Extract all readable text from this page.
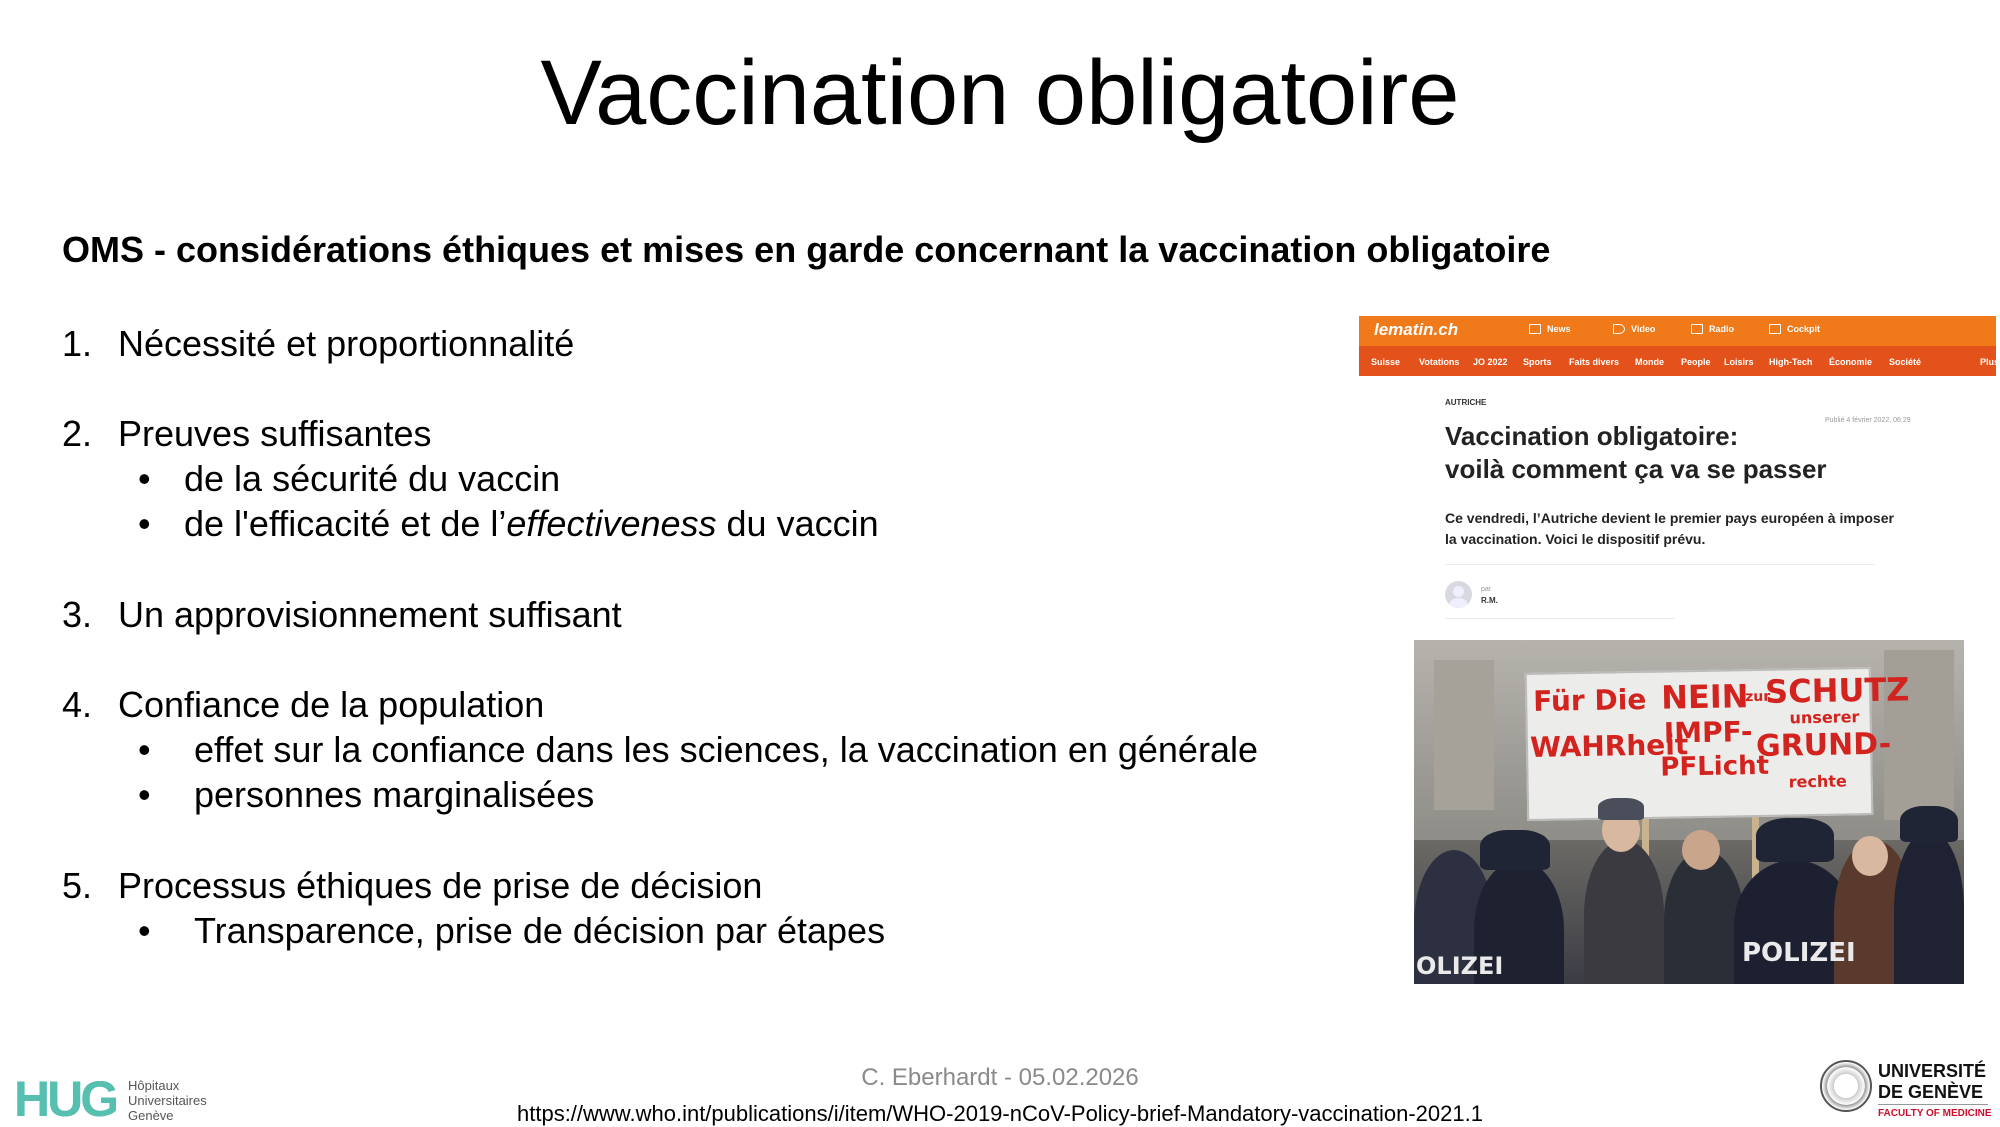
Vaccination obligatoire
OMS - considérations éthiques et mises en garde concernant la vaccination obligatoire
1. Nécessité et proportionnalité
2. Preuves suffisantes
• de la sécurité du vaccin
• de l'efficacité et de l’effectiveness du vaccin
3. Un approvisionnement suffisant
4. Confiance de la population
• effet sur la confiance dans les sciences, la vaccination en générale
• personnes marginalisées
5. Processus éthiques de prise de décision
• Transparence, prise de décision par étapes
lematin.ch	News	Video	Radio	Cockpit
Suisse Votations JO 2022 Sports Faits divers Monde People Loisirs High-Tech Économie Société	Plus
AUTRICHE
Publié 4 février 2022, 06:29
Vaccination obligatoire:
voilà comment ça va se passer
Ce vendredi, l’Autriche devient le premier pays européen à imposer la vaccination. Voici le dispositif prévu.
par
R.M.
Für Die
WAHRheit
NEIN
zur
IMPF-
PFLicht
SCHUTZ
unserer
GRUND-
rechte
POLIZEI
OLIZEI
HUG Hôpitaux
Universitaires
Genève
C. Eberhardt - 05.02.2026
https://www.who.int/publications/i/item/WHO-2019-nCoV-Policy-brief-Mandatory-vaccination-2021.1
UNIVERSITÉ
DE GENÈVE
FACULTY OF MEDICINE
